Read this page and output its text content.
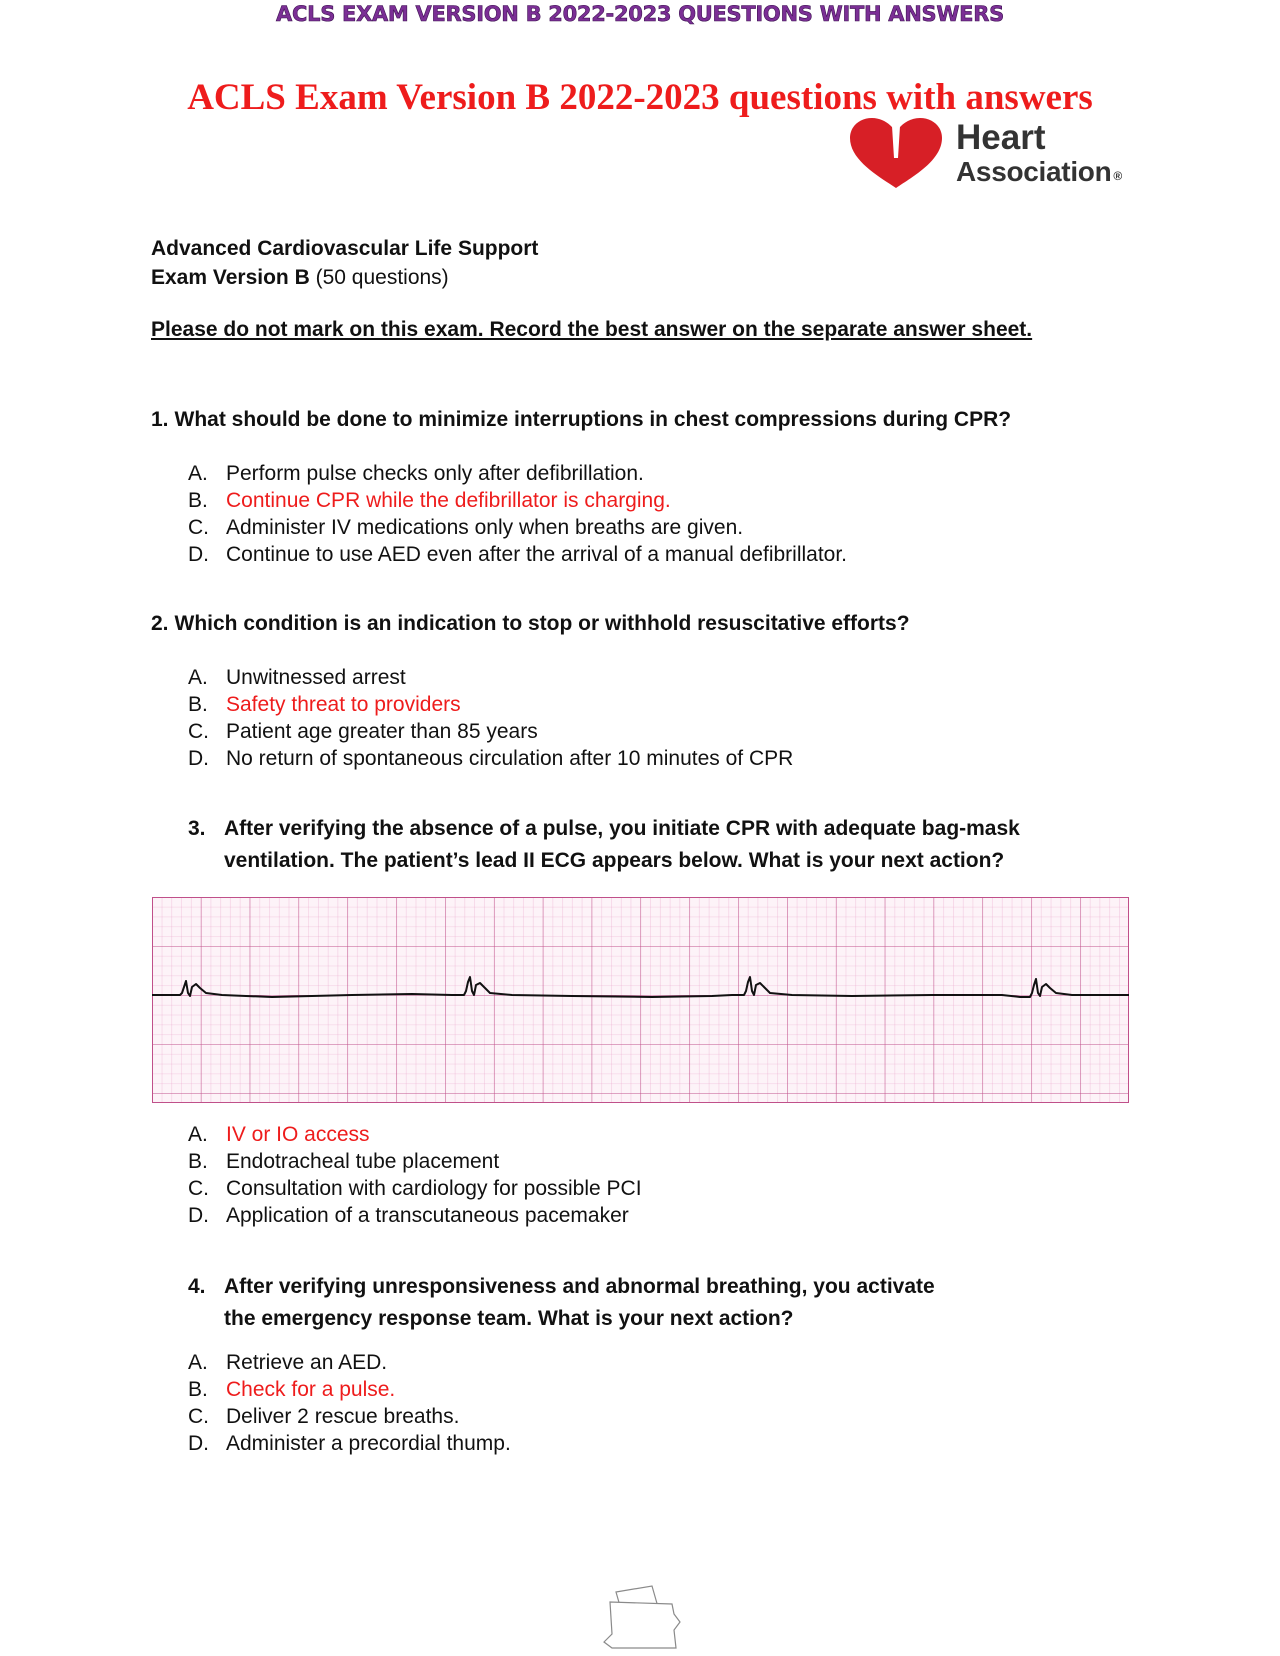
ACLS EXAM VERSION B 2022-2023 QUESTIONS WITH ANSWERS
ACLS Exam Version B 2022-2023 questions with answers
Heart
Association ®
Advanced Cardiovascular Life Support
Exam Version B (50 questions)
Please do not mark on this exam. Record the best answer on the separate answer sheet.
1. What should be done to minimize interruptions in chest compressions during CPR?
A. Perform pulse checks only after defibrillation.
B. Continue CPR while the defibrillator is charging.
C. Administer IV medications only when breaths are given.
D. Continue to use AED even after the arrival of a manual defibrillator.
2. Which condition is an indication to stop or withhold resuscitative efforts?
A. Unwitnessed arrest
B. Safety threat to providers
C. Patient age greater than 85 years
D. No return of spontaneous circulation after 10 minutes of CPR
3. After verifying the absence of a pulse, you initiate CPR with adequate bag-mask
ventilation. The patient’s lead II ECG appears below. What is your next action?
A. IV or IO access
B. Endotracheal tube placement
C. Consultation with cardiology for possible PCI
D. Application of a transcutaneous pacemaker
4. After verifying unresponsiveness and abnormal breathing, you activate
the emergency response team. What is your next action?
A. Retrieve an AED.
B. Check for a pulse.
C. Deliver 2 rescue breaths.
D. Administer a precordial thump.
